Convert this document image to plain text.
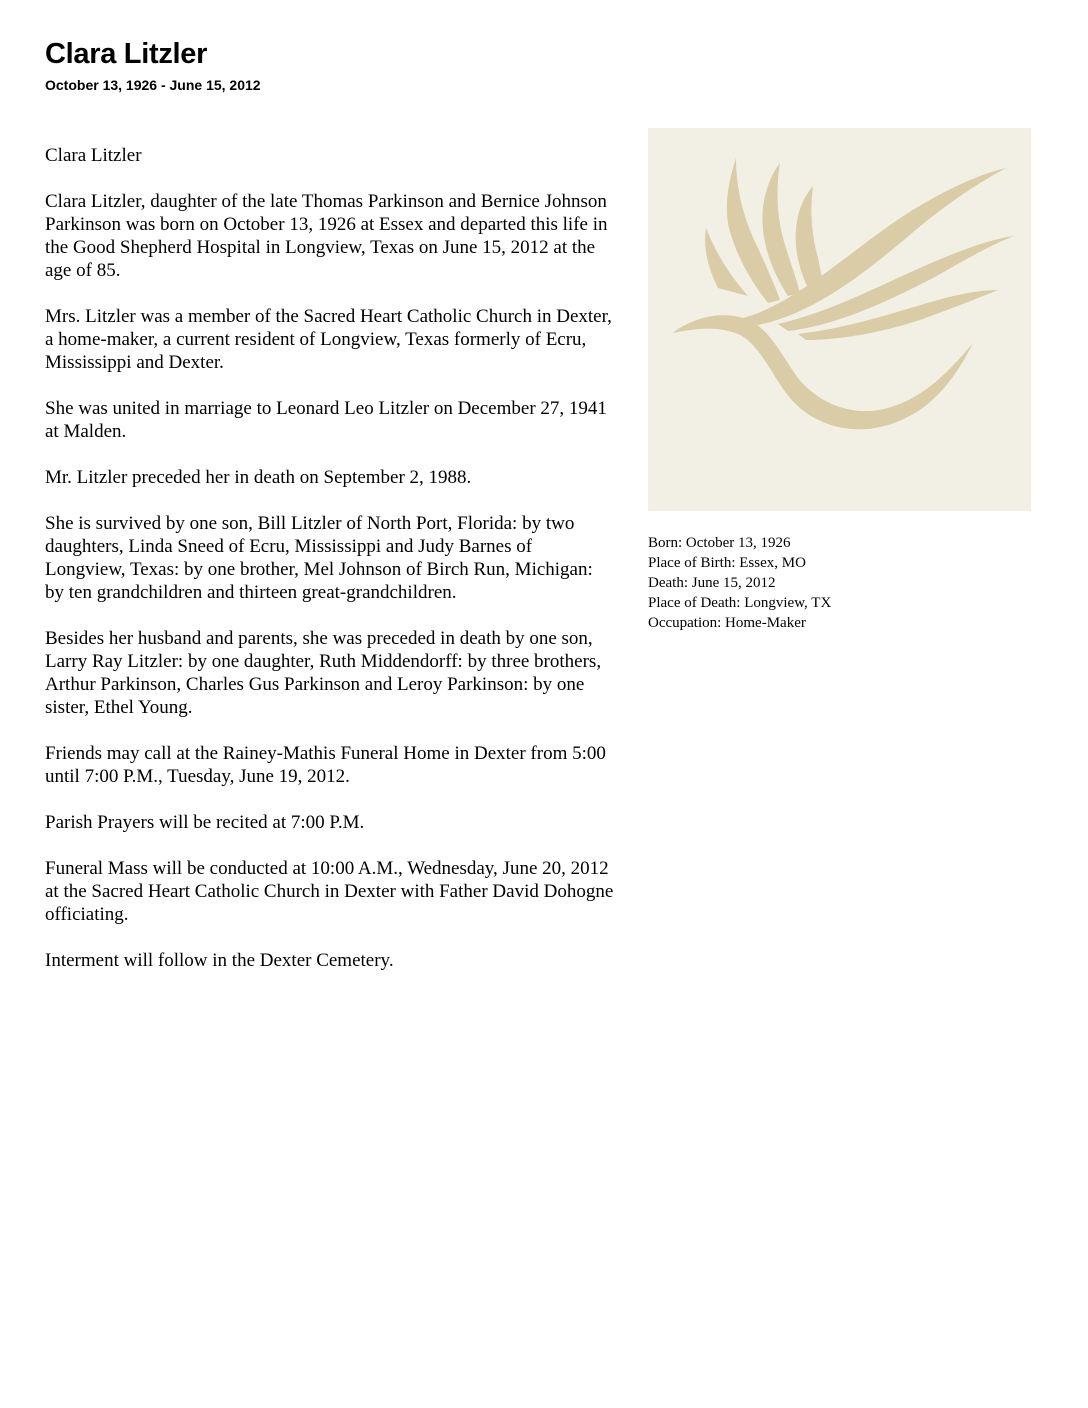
Clara Litzler
October 13, 1926 - June 15, 2012

Clara Litzler

Clara Litzler, daughter of the late Thomas Parkinson and Bernice Johnson Parkinson was born on October 13, 1926 at Essex and departed this life in the Good Shepherd Hospital in Longview, Texas on June 15, 2012 at the age of 85.

Mrs. Litzler was a member of the Sacred Heart Catholic Church in Dexter, a home-maker, a current resident of Longview, Texas formerly of Ecru, Mississippi and Dexter.

She was united in marriage to Leonard Leo Litzler on December 27, 1941 at Malden.

Mr. Litzler preceded her in death on September 2, 1988.

She is survived by one son, Bill Litzler of North Port, Florida: by two daughters, Linda Sneed of Ecru, Mississippi and Judy Barnes of Longview, Texas: by one brother, Mel Johnson of Birch Run, Michigan: by ten grandchildren and thirteen great-grandchildren.

Besides her husband and parents, she was preceded in death by one son, Larry Ray Litzler: by one daughter, Ruth Middendorff: by three brothers, Arthur Parkinson, Charles Gus Parkinson and Leroy Parkinson: by one sister, Ethel Young.

Friends may call at the Rainey-Mathis Funeral Home in Dexter from 5:00 until 7:00 P.M., Tuesday, June 19, 2012.

Parish Prayers will be recited at 7:00 P.M.

Funeral Mass will be conducted at 10:00 A.M., Wednesday, June 20, 2012 at the Sacred Heart Catholic Church in Dexter with Father David Dohogne officiating.

Interment will follow in the Dexter Cemetery.

Born: October 13, 1926
Place of Birth: Essex, MO
Death: June 15, 2012
Place of Death: Longview, TX
Occupation: Home-Maker
